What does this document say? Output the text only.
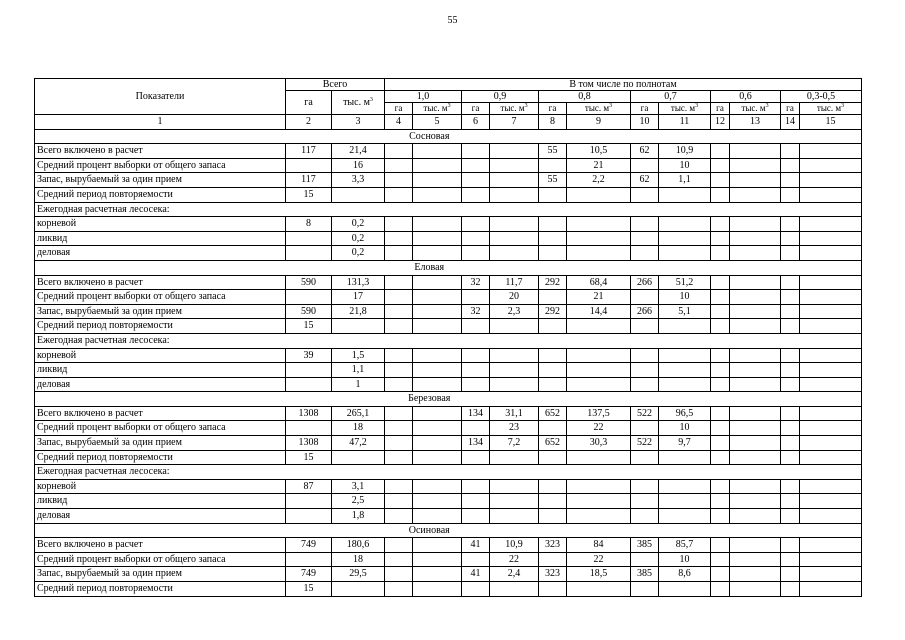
55
Показатели	Всего		В том числе по полнотам											
	га	тыс. $м^3$	1,0		0,9		0,8		0,7		0,6		0,3-0,5	
			га	тыс. $м^3$	га	тыс. $м^3$	га	тыс. $м^3$	га	тыс. $м^3$	га	тыс. $м^3$	га	тыс. $м^3$
1	2	3	4	5	6	7	8	9	10	11	12	13	14	15
	Сосновая													
Всего включено в расчет	117	21,4					55	10,5	62	10,9				
Средний процент выборки от общего запаса		16						21		10				
Запас, вырубаемый за один прием	117	3,3					55	2,2	62	1,1				
Средний период повторяемости	15													
Ежегодная расчетная лесосека:														
корневой	8	0,2												
ликвид		0,2												
деловая		0,2												
	Еловая													
Всего включено в расчет	590	131,3			32	11,7	292	68,4	266	51,2				
Средний процент выборки от общего запаса		17				20		21		10				
Запас, вырубаемый за один прием	590	21,8			32	2,3	292	14,4	266	5,1				
Средний период повторяемости	15													
Ежегодная расчетная лесосека:														
корневой	39	1,5												
ликвид		1,1												
деловая		1												
	Березовая													
Всего включено в расчет	1308	265,1			134	31,1	652	137,5	522	96,5				
Средний процент выборки от общего запаса		18				23		22		10				
Запас, вырубаемый за один прием	1308	47,2			134	7,2	652	30,3	522	9,7				
Средний период повторяемости	15													
Ежегодная расчетная лесосека:														
корневой	87	3,1												
ликвид		2,5												
деловая		1,8												
	Осиновая													
Всего включено в расчет	749	180,6			41	10,9	323	84	385	85,7				
Средний процент выборки от общего запаса		18				22		22		10				
Запас, вырубаемый за один прием	749	29,5			41	2,4	323	18,5	385	8,6				
Средний период повторяемости	15													
